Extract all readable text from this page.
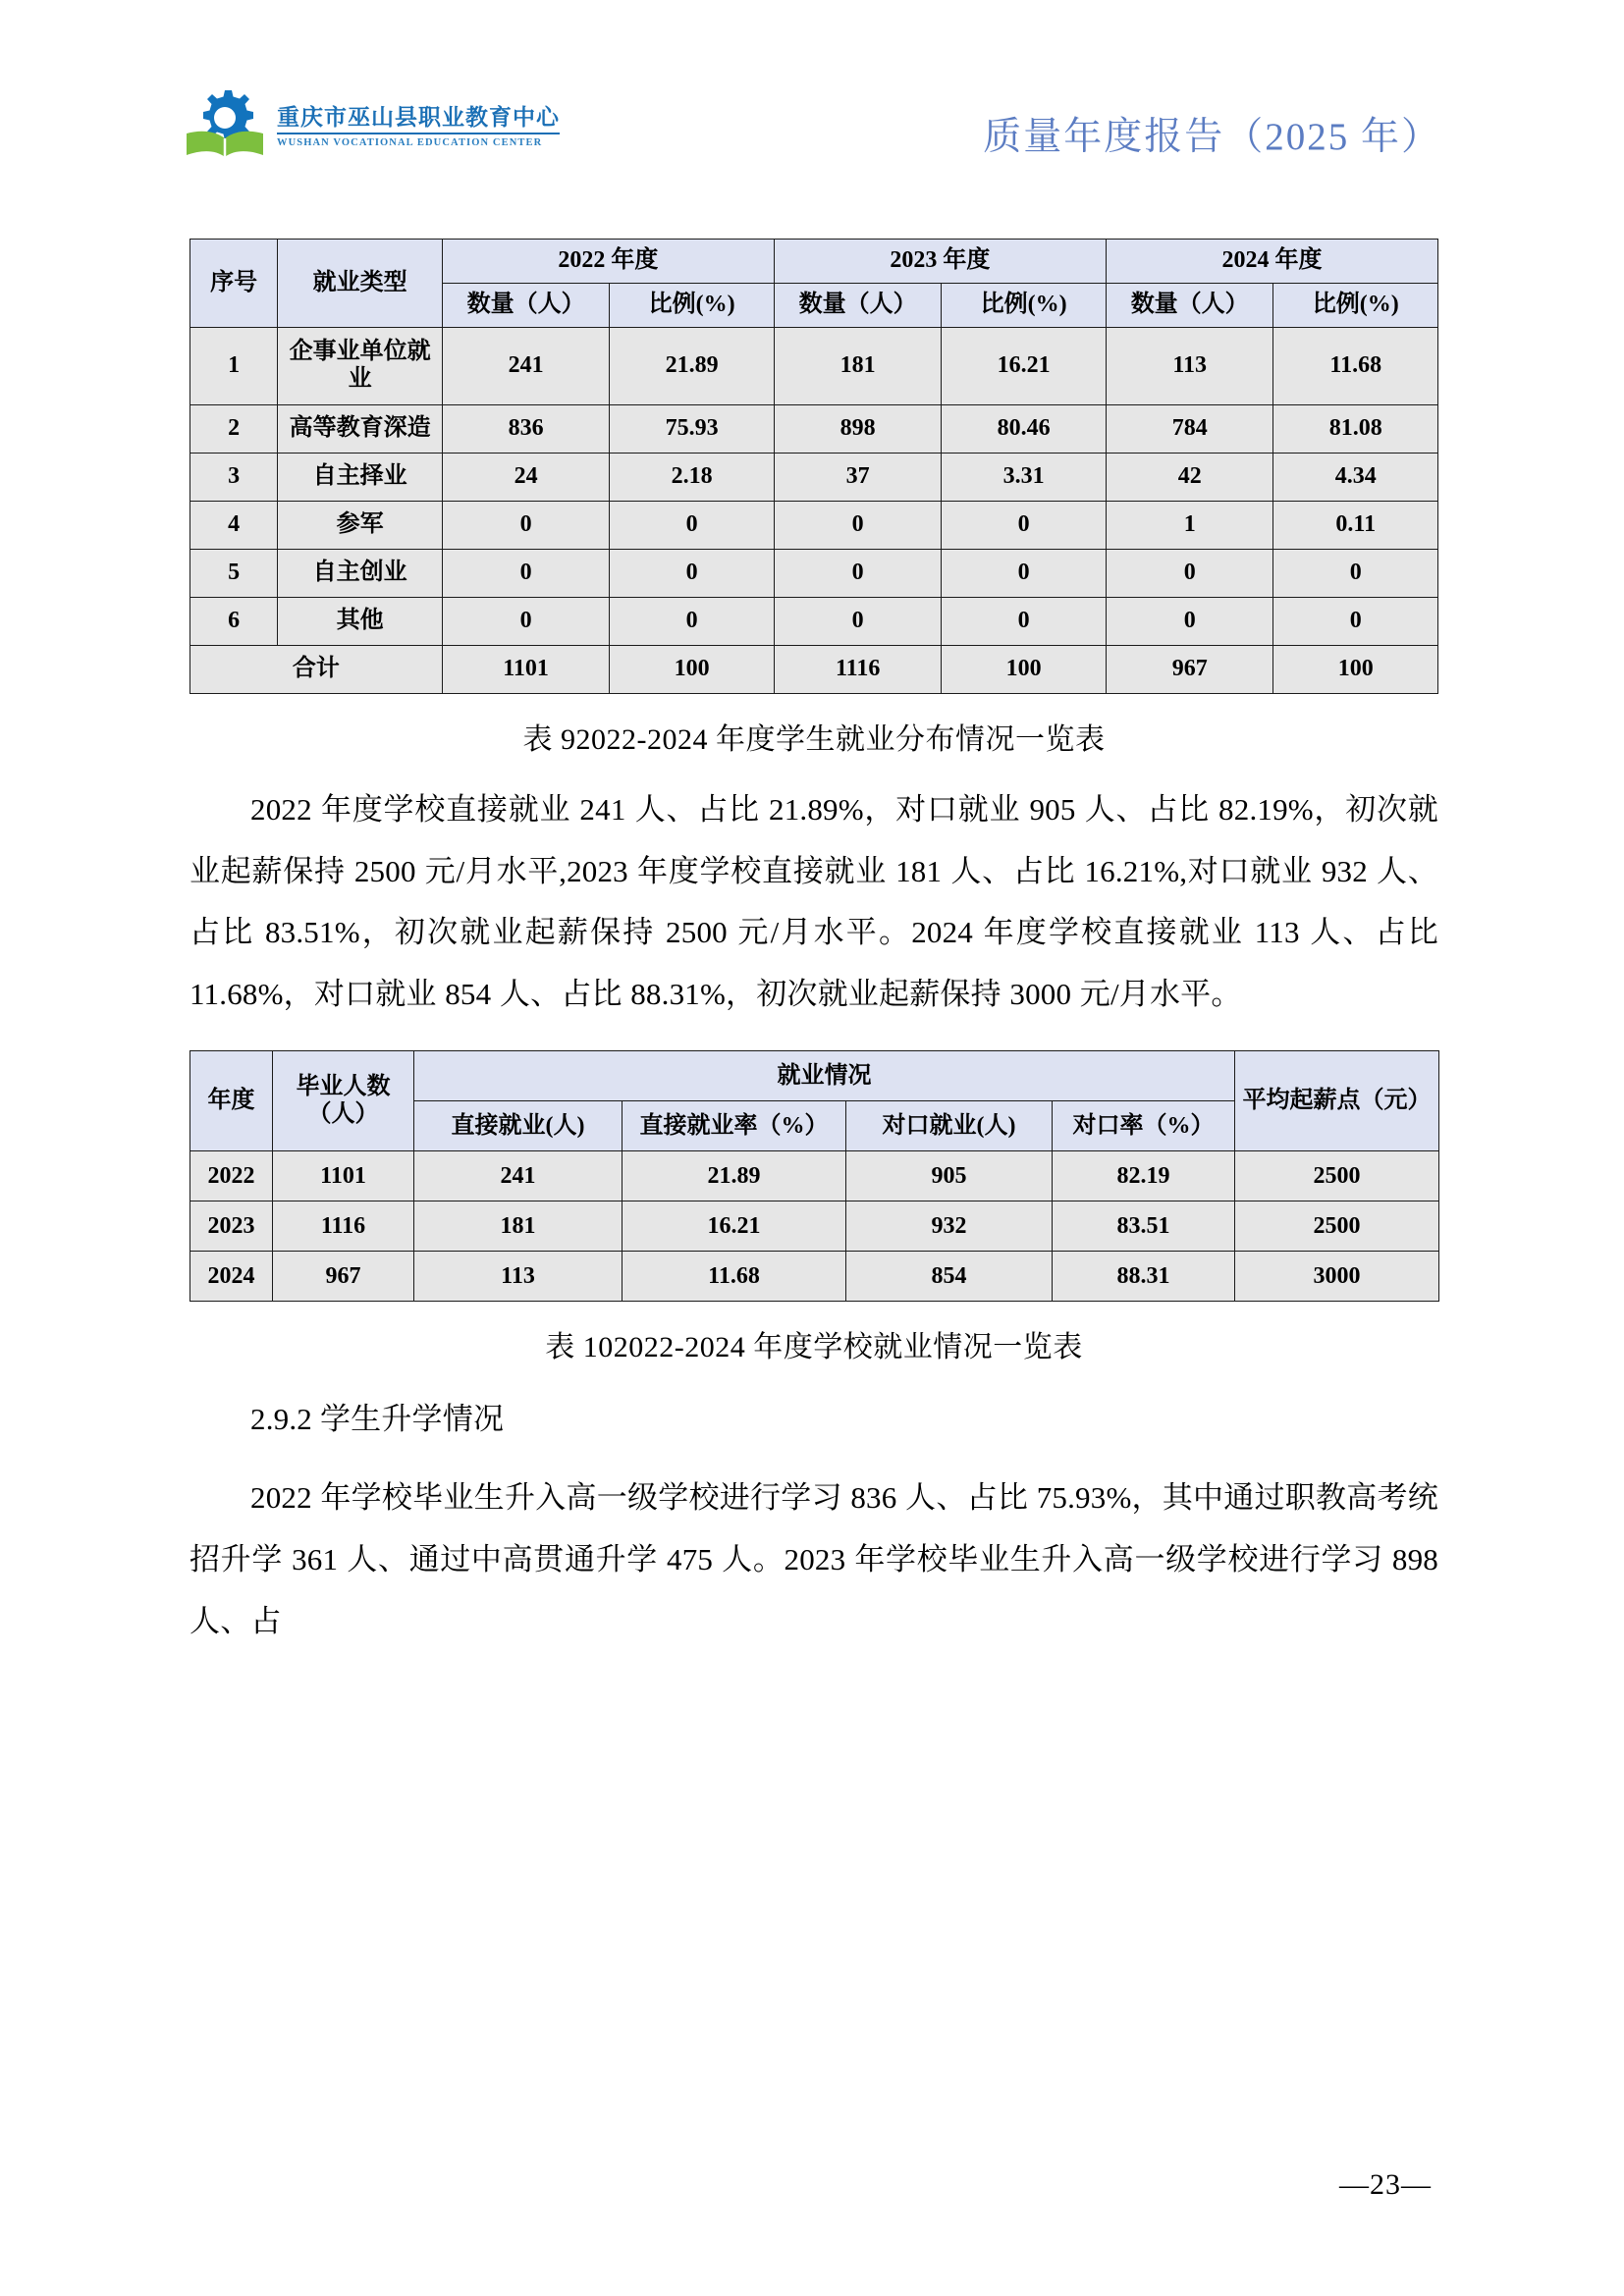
重庆市巫山县职业教育中心
WUSHAN VOCATIONAL EDUCATION CENTER	质量年度报告（2025 年）
序号	就业类型	2022 年度		2023 年度		2024 年度	
		数量（人）	比例(%)	数量（人）	比例(%)	数量（人）	比例(%)
1	企事业单位就业	241	21.89	181	16.21	113	11.68
2	高等教育深造	836	75.93	898	80.46	784	81.08
3	自主择业	24	2.18	37	3.31	42	4.34
4	参军	0	0	0	0	1	0.11
5	自主创业	0	0	0	0	0	0
6	其他	0	0	0	0	0	0
合计		1101	100	1116	100	967	100
表 92022-2024 年度学生就业分布情况一览表

2022 年度学校直接就业 241 人、占比 21.89%，对口就业 905 人、占比 82.19%，初次就业起薪保持 2500 元/月水平,2023 年度学校直接就业 181 人、占比 16.21%,对口就业 932 人、占比 83.51%，初次就业起薪保持 2500 元/月水平。2024 年度学校直接就业 113 人、占比 11.68%，对口就业 854 人、占比 88.31%，初次就业起薪保持 3000 元/月水平。

年度	毕业人数（人）	就业情况				平均起薪点（元）
		直接就业(人)	直接就业率（%）	对口就业(人)	对口率（%）	
2022	1101	241	21.89	905	82.19	2500
2023	1116	181	16.21	932	83.51	2500
2024	967	113	11.68	854	88.31	3000
表 102022-2024 年度学校就业情况一览表
2.9.2 学生升学情况

2022 年学校毕业生升入高一级学校进行学习 836 人、占比 75.93%，其中通过职教高考统招升学 361 人、通过中高贯通升学 475 人。2023 年学校毕业生升入高一级学校进行学习 898 人、占

—23—
